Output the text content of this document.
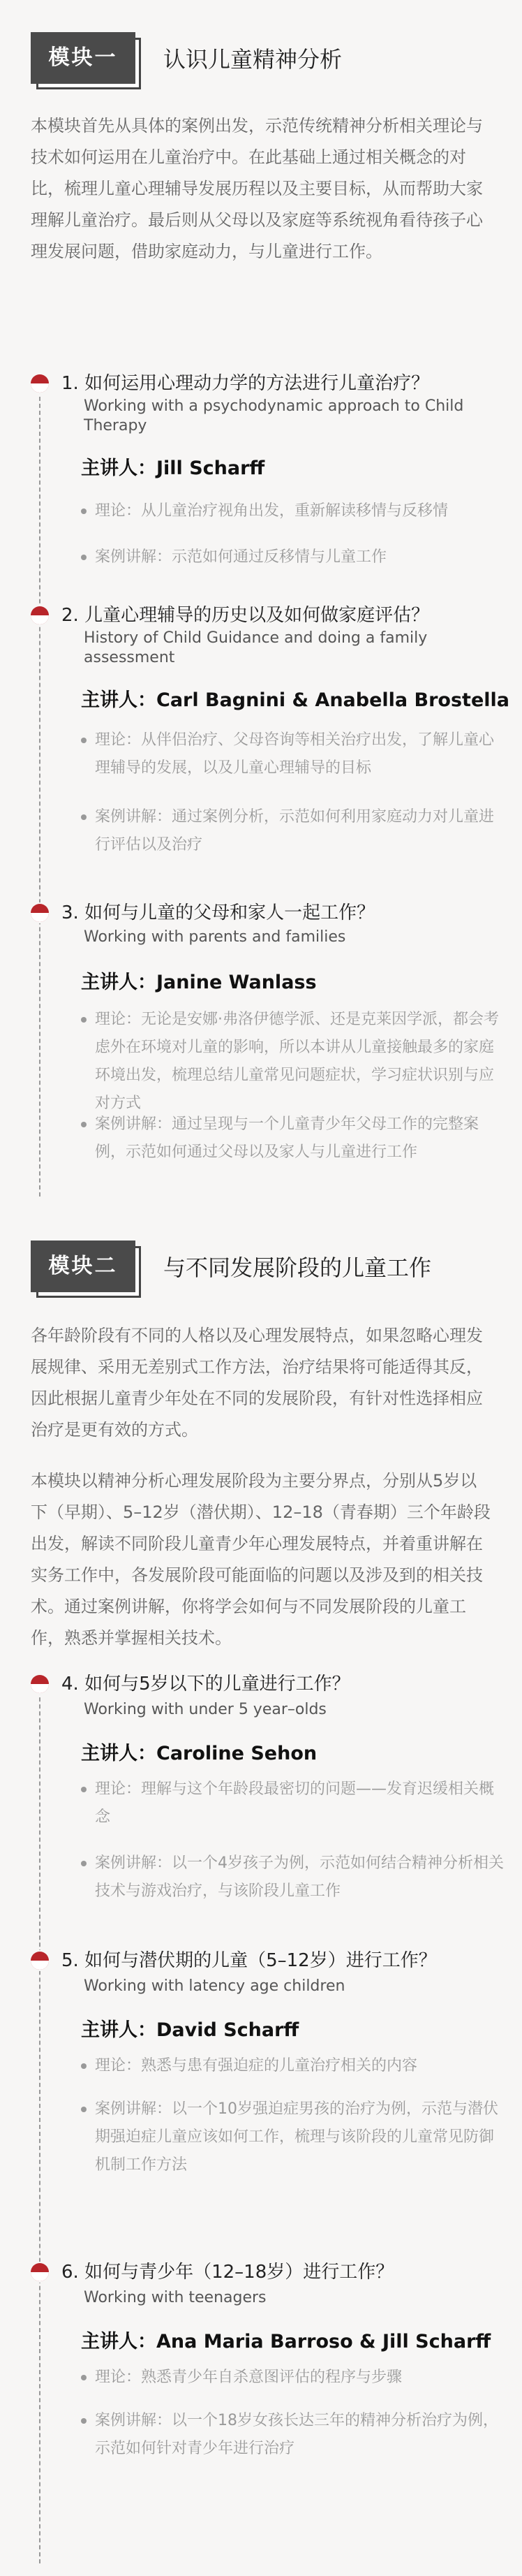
模块一	认识儿童精神分析

本模块首先从具体的案例出发，示范传统精神分析相关理论与技术如何运用在儿童治疗中。在此基础上通过相关概念的对比，梳理儿童心理辅导发展历程以及主要目标，从而帮助大家理解儿童治疗。最后则从父母以及家庭等系统视角看待孩子心理发展问题，借助家庭动力，与儿童进行工作。

1. 如何运用心理动力学的方法进行儿童治疗？
Working with a psychodynamic approach to Child Therapy
主讲人：Jill Scharff

理论：从儿童治疗视角出发，重新解读移情与反移情

案例讲解：示范如何通过反移情与儿童工作

2. 儿童心理辅导的历史以及如何做家庭评估？
History of Child Guidance and doing a family assessment
主讲人：Carl Bagnini & Anabella Brostella

理论：从伴侣治疗、父母咨询等相关治疗出发，了解儿童心理辅导的发展，以及儿童心理辅导的目标

案例讲解：通过案例分析，示范如何利用家庭动力对儿童进行评估以及治疗

3. 如何与儿童的父母和家人一起工作？
Working with parents and families
主讲人：Janine Wanlass

理论：无论是安娜·弗洛伊德学派、还是克莱因学派，都会考虑外在环境对儿童的影响，所以本讲从儿童接触最多的家庭环境出发，梳理总结儿童常见问题症状，学习症状识别与应对方式

案例讲解：通过呈现与一个儿童青少年父母工作的完整案例，示范如何通过父母以及家人与儿童进行工作

模块二	与不同发展阶段的儿童工作

各年龄阶段有不同的人格以及心理发展特点，如果忽略心理发展规律、采用无差别式工作方法，治疗结果将可能适得其反，因此根据儿童青少年处在不同的发展阶段，有针对性选择相应治疗是更有效的方式。

本模块以精神分析心理发展阶段为主要分界点，分别从5岁以下（早期）、5–12岁（潜伏期）、12–18（青春期）三个年龄段出发，解读不同阶段儿童青少年心理发展特点，并着重讲解在实务工作中，各发展阶段可能面临的问题以及涉及到的相关技术。通过案例讲解，你将学会如何与不同发展阶段的儿童工作，熟悉并掌握相关技术。

4. 如何与5岁以下的儿童进行工作？
Working with under 5 year–olds
主讲人：Caroline Sehon

理论：理解与这个年龄段最密切的问题——发育迟缓相关概念

案例讲解：以一个4岁孩子为例，示范如何结合精神分析相关技术与游戏治疗，与该阶段儿童工作

5. 如何与潜伏期的儿童（5–12岁）进行工作？
Working with latency age children
主讲人：David Scharff

理论：熟悉与患有强迫症的儿童治疗相关的内容

案例讲解：以一个10岁强迫症男孩的治疗为例，示范与潜伏期强迫症儿童应该如何工作，梳理与该阶段的儿童常见防御机制工作方法

6. 如何与青少年（12–18岁）进行工作？
Working with teenagers
主讲人：Ana Maria Barroso & Jill Scharff

理论：熟悉青少年自杀意图评估的程序与步骤

案例讲解：以一个18岁女孩长达三年的精神分析治疗为例，示范如何针对青少年进行治疗
